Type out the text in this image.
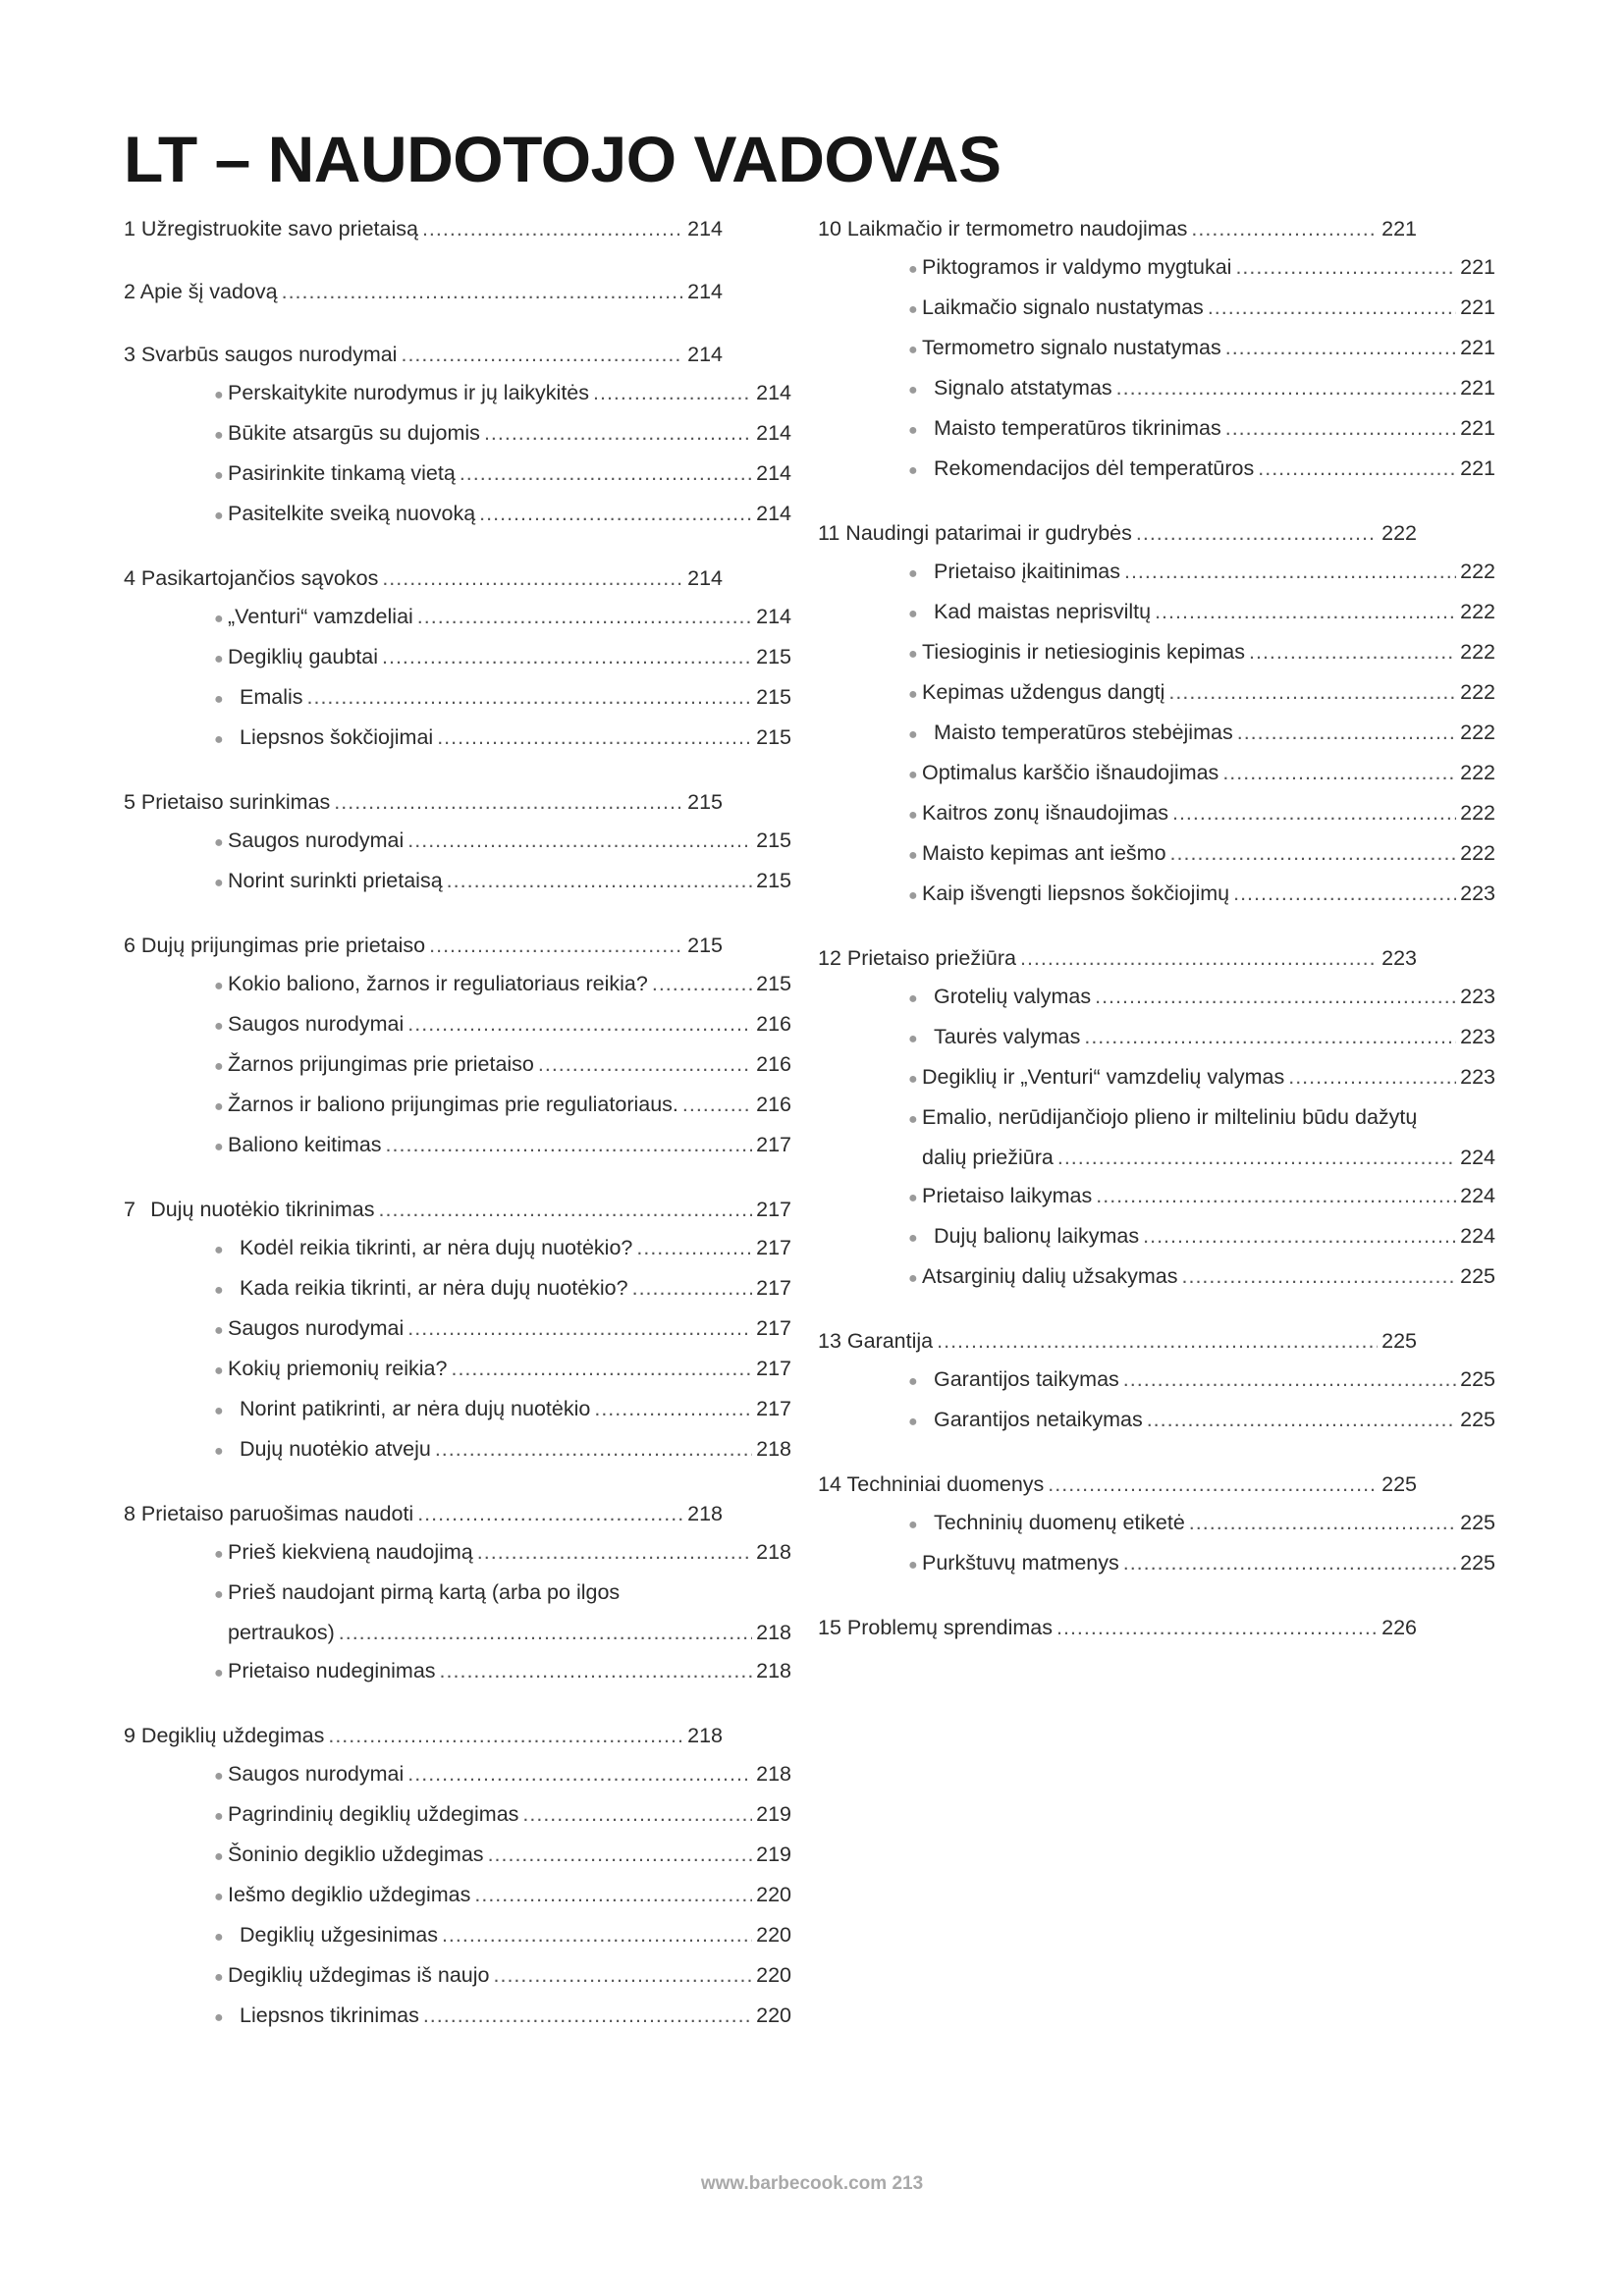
LT – NAUDOTOJO VADOVAS
1 Užregistruokite savo prietaisą .....	214
2 Apie šį vadovą .....	214
3 Svarbūs saugos nurodymai .....	214
● Perskaitykite nurodymus ir jų laikykitės .....	214
● Būkite atsargūs su dujomis .....	214
● Pasirinkite tinkamą vietą .....	214
● Pasitelkite sveiką nuovoką .....	214
4 Pasikartojančios sąvokos .....	214
● „Venturi“ vamzdeliai .....	214
● Degiklių gaubtai .....	215
● Emalis .....	215
● Liepsnos šokčiojimai .....	215
5 Prietaiso surinkimas .....	215
● Saugos nurodymai .....	215
● Norint surinkti prietaisą .....	215
6 Dujų prijungimas prie prietaiso .....	215
● Kokio baliono, žarnos ir reguliatoriaus reikia? .....	215
● Saugos nurodymai .....	216
● Žarnos prijungimas prie prietaiso .....	216
● Žarnos ir baliono prijungimas prie reguliatoriaus. .....	216
● Baliono keitimas .....	217
7 Dujų nuotėkio tikrinimas .....	217
● Kodėl reikia tikrinti, ar nėra dujų nuotėkio? .....	217
● Kada reikia tikrinti, ar nėra dujų nuotėkio? .....	217
● Saugos nurodymai .....	217
● Kokių priemonių reikia? .....	217
● Norint patikrinti, ar nėra dujų nuotėkio .....	217
● Dujų nuotėkio atveju .....	218
8 Prietaiso paruošimas naudoti .....	218
● Prieš kiekvieną naudojimą .....	218
● Prieš naudojant pirmą kartą (arba po ilgos
pertraukos) .....	218
● Prietaiso nudeginimas .....	218
9 Degiklių uždegimas .....	218
● Saugos nurodymai .....	218
● Pagrindinių degiklių uždegimas .....	219
● Šoninio degiklio uždegimas .....	219
● Iešmo degiklio uždegimas .....	220
● Degiklių užgesinimas .....	220
● Degiklių uždegimas iš naujo .....	220
● Liepsnos tikrinimas .....	220
10 Laikmačio ir termometro naudojimas .....	221
● Piktogramos ir valdymo mygtukai .....	221
● Laikmačio signalo nustatymas .....	221
● Termometro signalo nustatymas .....	221
● Signalo atstatymas .....	221
● Maisto temperatūros tikrinimas .....	221
● Rekomendacijos dėl temperatūros .....	221
11 Naudingi patarimai ir gudrybės .....	222
● Prietaiso įkaitinimas .....	222
● Kad maistas neprisviltų .....	222
● Tiesioginis ir netiesioginis kepimas .....	222
● Kepimas uždengus dangtį .....	222
● Maisto temperatūros stebėjimas .....	222
● Optimalus karščio išnaudojimas .....	222
● Kaitros zonų išnaudojimas .....	222
● Maisto kepimas ant iešmo .....	222
● Kaip išvengti liepsnos šokčiojimų .....	223
12 Prietaiso priežiūra .....	223
● Grotelių valymas .....	223
● Taurės valymas .....	223
● Degiklių ir „Venturi“ vamzdelių valymas .....	223
● Emalio, nerūdijančiojo plieno ir milteliniu būdu dažytų
dalių priežiūra .....	224
● Prietaiso laikymas .....	224
● Dujų balionų laikymas .....	224
● Atsarginių dalių užsakymas .....	225
13 Garantija .....	225
● Garantijos taikymas .....	225
● Garantijos netaikymas .....	225
14 Techniniai duomenys .....	225
● Techninių duomenų etiketė .....	225
● Purkštuvų matmenys .....	225
15 Problemų sprendimas .....	226
www.barbecook.com 213
